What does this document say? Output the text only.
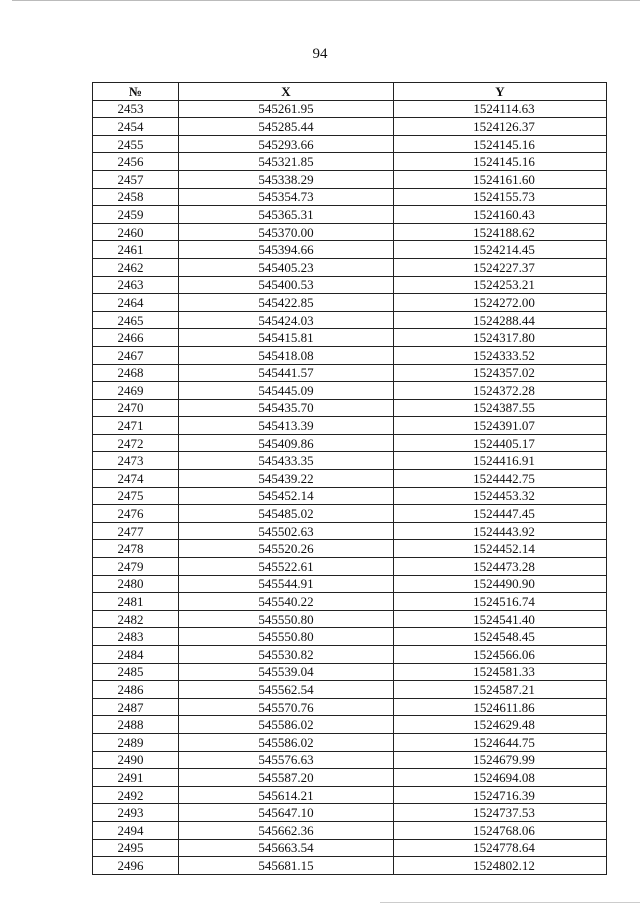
94
№	X	Y
2453	545261.95	1524114.63
2454	545285.44	1524126.37
2455	545293.66	1524145.16
2456	545321.85	1524145.16
2457	545338.29	1524161.60
2458	545354.73	1524155.73
2459	545365.31	1524160.43
2460	545370.00	1524188.62
2461	545394.66	1524214.45
2462	545405.23	1524227.37
2463	545400.53	1524253.21
2464	545422.85	1524272.00
2465	545424.03	1524288.44
2466	545415.81	1524317.80
2467	545418.08	1524333.52
2468	545441.57	1524357.02
2469	545445.09	1524372.28
2470	545435.70	1524387.55
2471	545413.39	1524391.07
2472	545409.86	1524405.17
2473	545433.35	1524416.91
2474	545439.22	1524442.75
2475	545452.14	1524453.32
2476	545485.02	1524447.45
2477	545502.63	1524443.92
2478	545520.26	1524452.14
2479	545522.61	1524473.28
2480	545544.91	1524490.90
2481	545540.22	1524516.74
2482	545550.80	1524541.40
2483	545550.80	1524548.45
2484	545530.82	1524566.06
2485	545539.04	1524581.33
2486	545562.54	1524587.21
2487	545570.76	1524611.86
2488	545586.02	1524629.48
2489	545586.02	1524644.75
2490	545576.63	1524679.99
2491	545587.20	1524694.08
2492	545614.21	1524716.39
2493	545647.10	1524737.53
2494	545662.36	1524768.06
2495	545663.54	1524778.64
2496	545681.15	1524802.12
